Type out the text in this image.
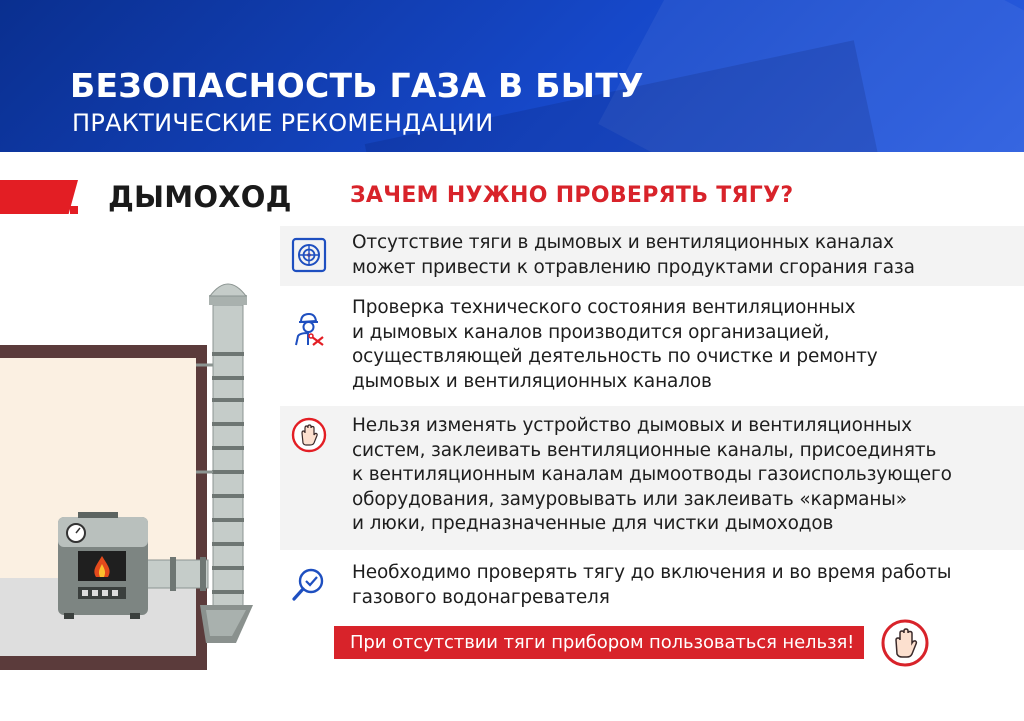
БЕЗОПАСНОСТЬ ГАЗА В БЫТУ
ПРАКТИЧЕСКИЕ РЕКОМЕНДАЦИИ
ДЫМОХОД	ЗАЧЕМ НУЖНО ПРОВЕРЯТЬ ТЯГУ?
Отсутствие тяги в дымовых и вентиляционных каналах
может привести к отравлению продуктами сгорания газа
Проверка технического состояния вентиляционных
и дымовых каналов производится организацией,
осуществляющей деятельность по очистке и ремонту
дымовых и вентиляционных каналов
Нельзя изменять устройство дымовых и вентиляционных
систем, заклеивать вентиляционные каналы, присоединять
к вентиляционным каналам дымоотводы газоиспользующего
оборудования, замуровывать или заклеивать «карманы»
и люки, предназначенные для чистки дымоходов
Необходимо проверять тягу до включения и во время работы
газового водонагревателя
При отсутствии тяги прибором пользоваться нельзя!
